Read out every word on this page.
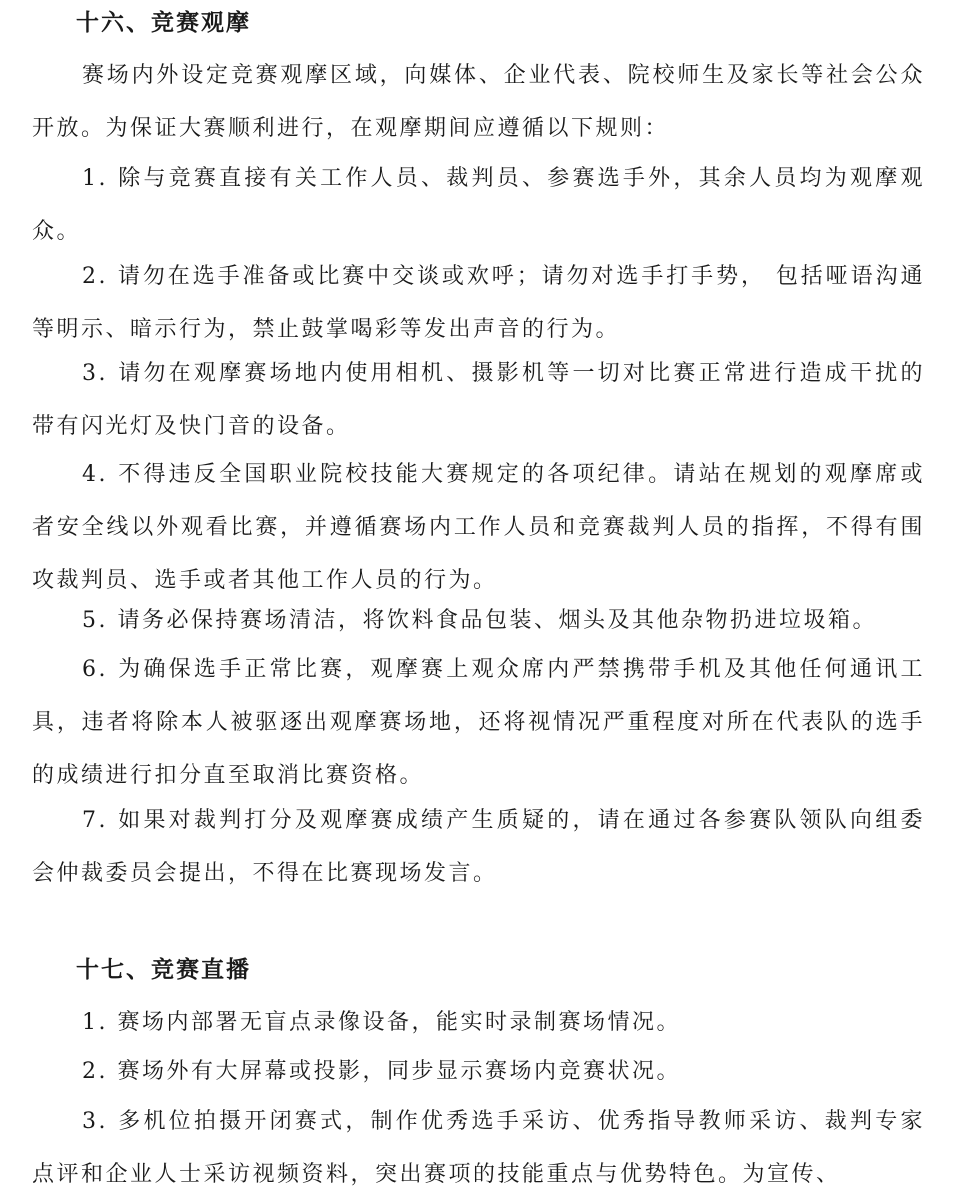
十六、竞赛观摩

赛场内外设定竞赛观摩区域，向媒体、企业代表、院校师生及家长等社会公众开放。为保证大赛顺利进行，在观摩期间应遵循以下规则：

1. 除与竞赛直接有关工作人员、裁判员、参赛选手外，其余人员均为观摩观众。

2. 请勿在选手准备或比赛中交谈或欢呼；请勿对选手打手势， 包括哑语沟通等明示、暗示行为，禁止鼓掌喝彩等发出声音的行为。

3. 请勿在观摩赛场地内使用相机、摄影机等一切对比赛正常进行造成干扰的带有闪光灯及快门音的设备。

4. 不得违反全国职业院校技能大赛规定的各项纪律。请站在规划的观摩席或者安全线以外观看比赛，并遵循赛场内工作人员和竞赛裁判人员的指挥，不得有围攻裁判员、选手或者其他工作人员的行为。

5. 请务必保持赛场清洁，将饮料食品包装、烟头及其他杂物扔进垃圾箱。

6. 为确保选手正常比赛，观摩赛上观众席内严禁携带手机及其他任何通讯工具，违者将除本人被驱逐出观摩赛场地，还将视情况严重程度对所在代表队的选手的成绩进行扣分直至取消比赛资格。

7. 如果对裁判打分及观摩赛成绩产生质疑的，请在通过各参赛队领队向组委会仲裁委员会提出，不得在比赛现场发言。

十七、竞赛直播

1. 赛场内部署无盲点录像设备，能实时录制赛场情况。

2. 赛场外有大屏幕或投影，同步显示赛场内竞赛状况。

3. 多机位拍摄开闭赛式，制作优秀选手采访、优秀指导教师采访、裁判专家点评和企业人士采访视频资料，突出赛项的技能重点与优势特色。为宣传、
